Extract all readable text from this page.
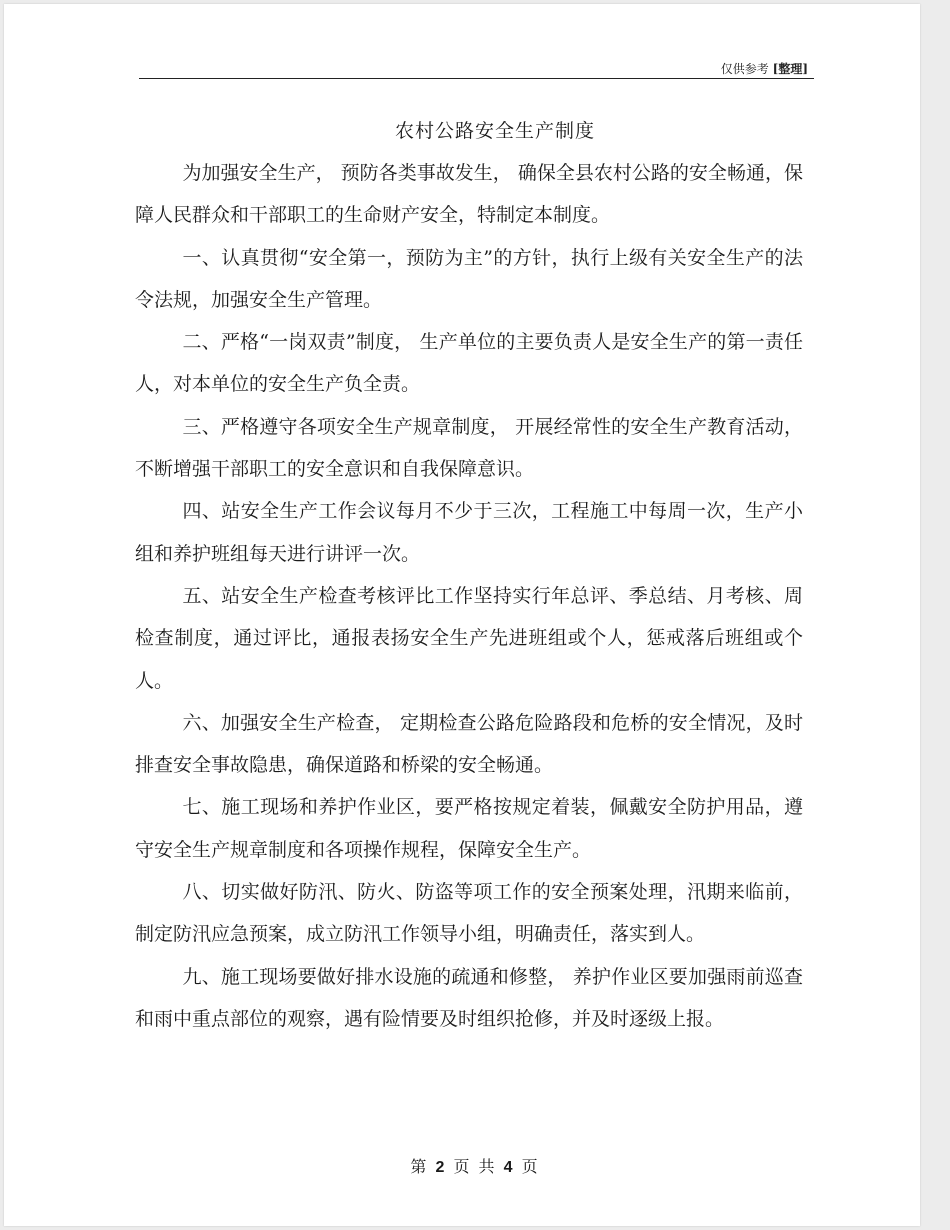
仅供参考 [整理]
农村公路安全生产制度

为加强安全生产， 预防各类事故发生， 确保全县农村公路的安全畅通，保障人民群众和干部职工的生命财产安全，特制定本制度。

一、认真贯彻“安全第一，预防为主”的方针，执行上级有关安全生产的法令法规，加强安全生产管理。

二、严格“一岗双责”制度， 生产单位的主要负责人是安全生产的第一责任人，对本单位的安全生产负全责。

三、严格遵守各项安全生产规章制度， 开展经常性的安全生产教育活动，不断增强干部职工的安全意识和自我保障意识。

四、站安全生产工作会议每月不少于三次，工程施工中每周一次，生产小组和养护班组每天进行讲评一次。

五、站安全生产检查考核评比工作坚持实行年总评、季总结、月考核、周检查制度，通过评比，通报表扬安全生产先进班组或个人，惩戒落后班组或个人。

六、加强安全生产检查， 定期检查公路危险路段和危桥的安全情况，及时排查安全事故隐患，确保道路和桥梁的安全畅通。

七、施工现场和养护作业区，要严格按规定着装，佩戴安全防护用品，遵守安全生产规章制度和各项操作规程，保障安全生产。

八、切实做好防汛、防火、防盗等项工作的安全预案处理，汛期来临前，制定防汛应急预案，成立防汛工作领导小组，明确责任，落实到人。

九、施工现场要做好排水设施的疏通和修整， 养护作业区要加强雨前巡查和雨中重点部位的观察，遇有险情要及时组织抢修，并及时逐级上报。

第 2 页 共 4 页
